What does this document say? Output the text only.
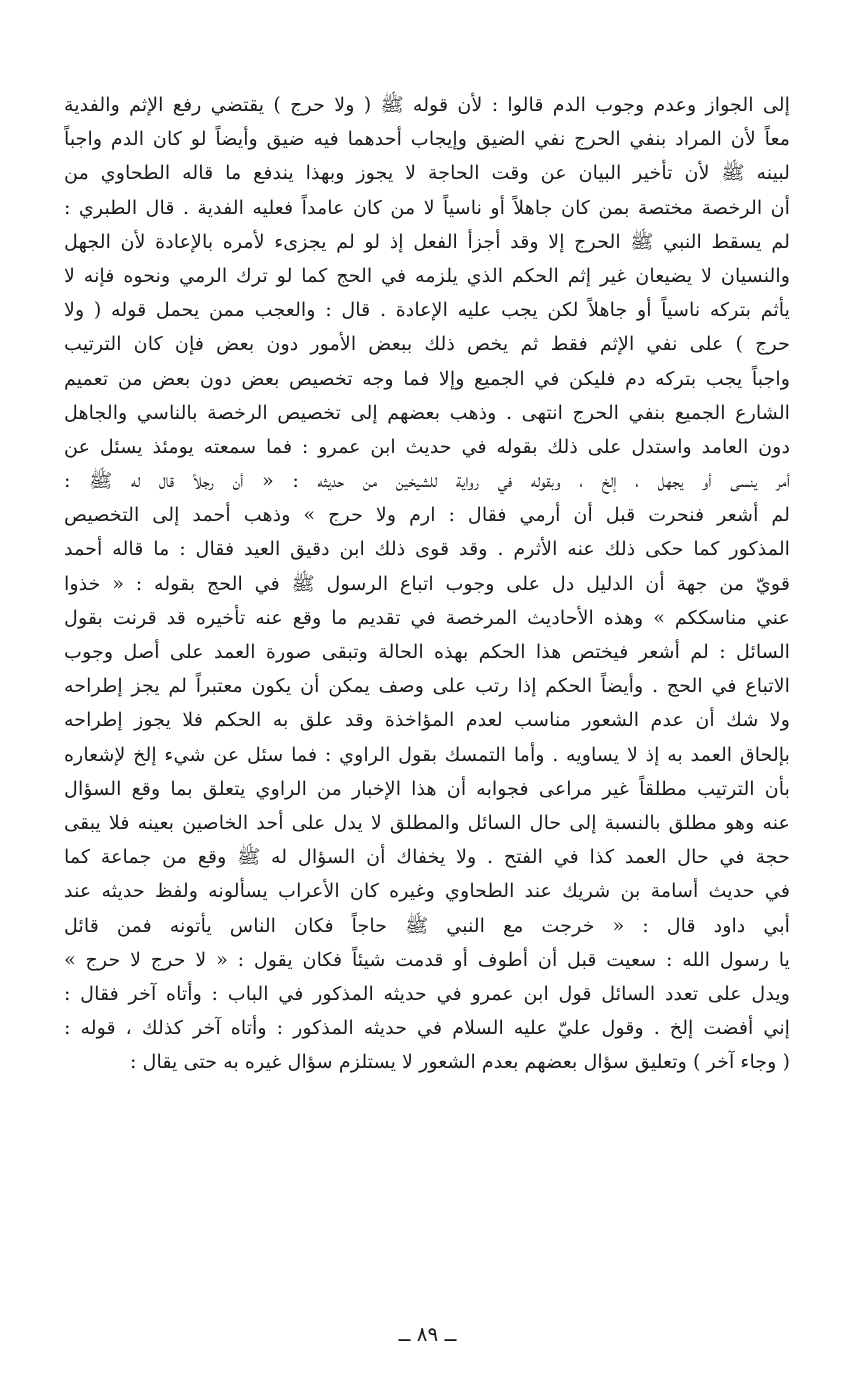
إلى الجواز وعدم وجوب الدم قالوا : لأن قوله ﷺ ( ولا حرج ) يقتضي رفع الإثم والفدية
معاً لأن المراد بنفي الحرج نفي الضيق وإيجاب أحدهما فيه ضيق وأيضاً لو كان الدم واجباً
لبينه ﷺ لأن تأخير البيان عن وقت الحاجة لا يجوز وبهذا يندفع ما قاله الطحاوي من
أن الرخصة مختصة بمن كان جاهلاً أو ناسياً لا من كان عامداً فعليه الفدية . قال الطبري :
لم يسقط النبي ﷺ الحرج إلا وقد أجزأ الفعل إذ لو لم يجزىء لأمره بالإعادة لأن الجهل
والنسيان لا يضيعان غير إثم الحكم الذي يلزمه في الحج كما لو ترك الرمي ونحوه فإنه لا
يأثم بتركه ناسياً أو جاهلاً لكن يجب عليه الإعادة . قال : والعجب ممن يحمل قوله ( ولا
حرج ) على نفي الإثم فقط ثم يخص ذلك ببعض الأمور دون بعض فإن كان الترتيب
واجباً يجب بتركه دم فليكن في الجميع وإلا فما وجه تخصيص بعض دون بعض من تعميم
الشارع الجميع بنفي الحرج انتهى . وذهب بعضهم إلى تخصيص الرخصة بالناسي والجاهل
دون العامد واستدل على ذلك بقوله في حديث ابن عمرو : فما سمعته يومئذ يسئل عن
أمر ينسى أو يجهل ، إلخ ، وبقوله في رواية للشيخين من حديثه : « أن رجلاً قال له ﷺ :
لم أشعر فنحرت قبل أن أرمي فقال : ارم ولا حرج » وذهب أحمد إلى التخصيص
المذكور كما حكى ذلك عنه الأثرم . وقد قوى ذلك ابن دقيق العيد فقال : ما قاله أحمد
قويّ من جهة أن الدليل دل على وجوب اتباع الرسول ﷺ في الحج بقوله : « خذوا
عني مناسككم » وهذه الأحاديث المرخصة في تقديم ما وقع عنه تأخيره قد قرنت بقول
السائل : لم أشعر فيختص هذا الحكم بهذه الحالة وتبقى صورة العمد على أصل وجوب
الاتباع في الحج . وأيضاً الحكم إذا رتب على وصف يمكن أن يكون معتبراً لم يجز إطراحه
ولا شك أن عدم الشعور مناسب لعدم المؤاخذة وقد علق به الحكم فلا يجوز إطراحه
بإلحاق العمد به إذ لا يساويه . وأما التمسك بقول الراوي : فما سئل عن شيء إلخ لإشعاره
بأن الترتيب مطلقاً غير مراعى فجوابه أن هذا الإخبار من الراوي يتعلق بما وقع السؤال
عنه وهو مطلق بالنسبة إلى حال السائل والمطلق لا يدل على أحد الخاصين بعينه فلا يبقى
حجة في حال العمد كذا في الفتح . ولا يخفاك أن السؤال له ﷺ وقع من جماعة كما
في حديث أسامة بن شريك عند الطحاوي وغيره كان الأعراب يسألونه ولفظ حديثه عند
أبي داود قال : « خرجت مع النبي ﷺ حاجاً فكان الناس يأتونه فمن قائل
يا رسول الله : سعيت قبل أن أطوف أو قدمت شيئاً فكان يقول : « لا حرج لا حرج »
ويدل على تعدد السائل قول ابن عمرو في حديثه المذكور في الباب : وأتاه آخر فقال :
إني أفضت إلخ . وقول عليّ عليه السلام في حديثه المذكور : وأتاه آخر كذلك ، قوله :
( وجاء آخر ) وتعليق سؤال بعضهم بعدم الشعور لا يستلزم سؤال غيره به حتى يقال :
ــ ٨٩ ــ
